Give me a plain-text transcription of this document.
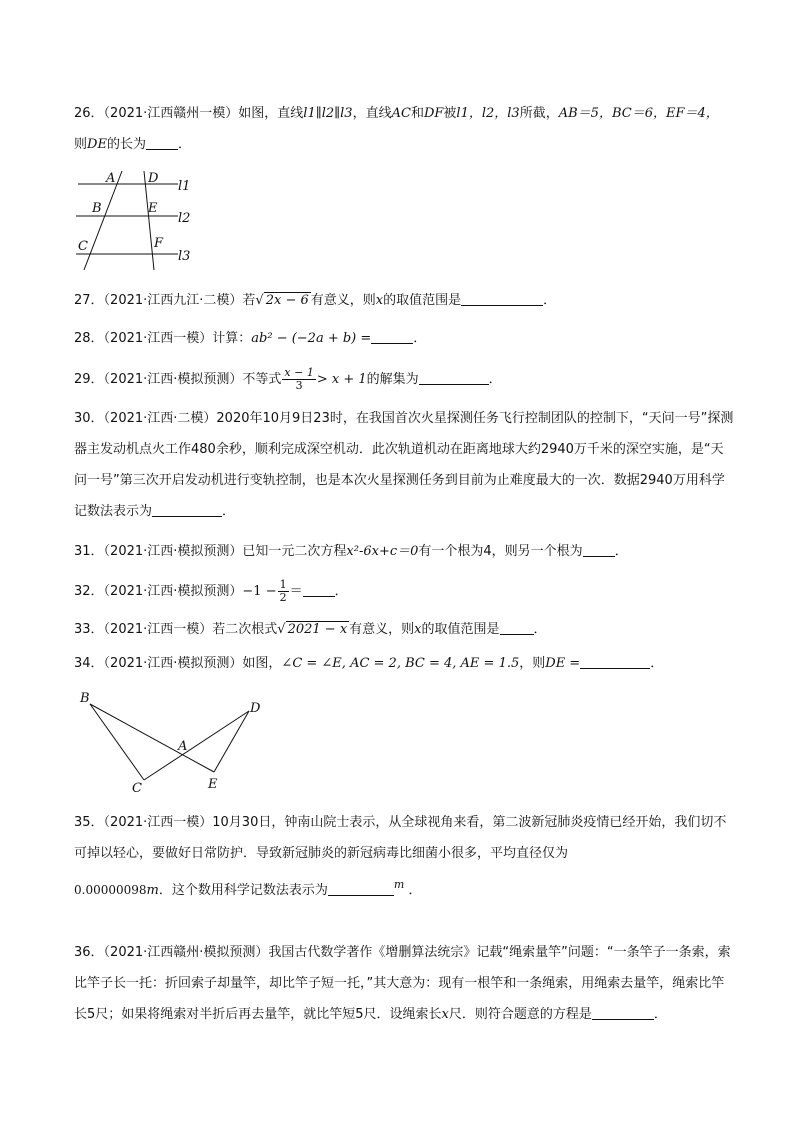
26．（2021·江西赣州一模）如图，直线l1∥l2∥l3，直线AC和DF被l1，l2，l3所截，AB＝5，BC＝6，EF＝4，
则DE的长为 ．
A	D
l1
B	E
l2
C	F
l3
27．（2021·江西九江·二模）若√ 2x − 6 有意义，则x的取值范围是	．
28．（2021·江西一模）计算：ab² − (−2a + b) =	．
29．（2021·江西·模拟预测）不等式 $\frac{x - 1}{3} > x + 1$的解集为	．
30．（2021·江西·二模）2020年10月9日23时，在我国首次火星探测任务飞行控制团队的控制下，“天问一号”探测器主发动机点火工作480余秒，顺利完成深空机动．此次轨道机动在距离地球大约2940万千米的深空实施，是“天问一号”第三次开启发动机进行变轨控制，也是本次火星探测任务到目前为止难度最大的一次．数据2940万用科学记数法表示为	．
31．（2021·江西·模拟预测）已知一元二次方程x²-6x+c＝0有一个根为4，则另一个根为 ．
32．（2021·江西·模拟预测）$-1 - \frac{1}{2}$ ＝ ．
33．（2021·江西一模）若二次根式√ 2021 − x 有意义，则x的取值范围是	．
34．（2021·江西·模拟预测）如图，∠C = ∠E, AC = 2, BC = 4, AE = 1.5，则DE =	．
B
A
D
C	E
35．（2021·江西一模）10月30日，钟南山院士表示，从全球视角来看，第二波新冠肺炎疫情已经开始，我们切不可掉以轻心，要做好日常防护．导致新冠肺炎的新冠病毒比细菌小很多，平均直径仅为
0.00000098m．这个数用科学记数法表示为	$^m$ ．
36．（2021·江西赣州·模拟预测）我国古代数学著作《增删算法统宗》记载“绳索量竿”问题：“一条竿子一条索，索比竿子长一托：折回索子却量竿，却比竿子短一托，”其大意为：现有一根竿和一条绳索，用绳索去量竿，绳索比竿长5尺；如果将绳索对半折后再去量竿，就比竿短5尺．设绳索长x尺．则符合题意的方程是	．
